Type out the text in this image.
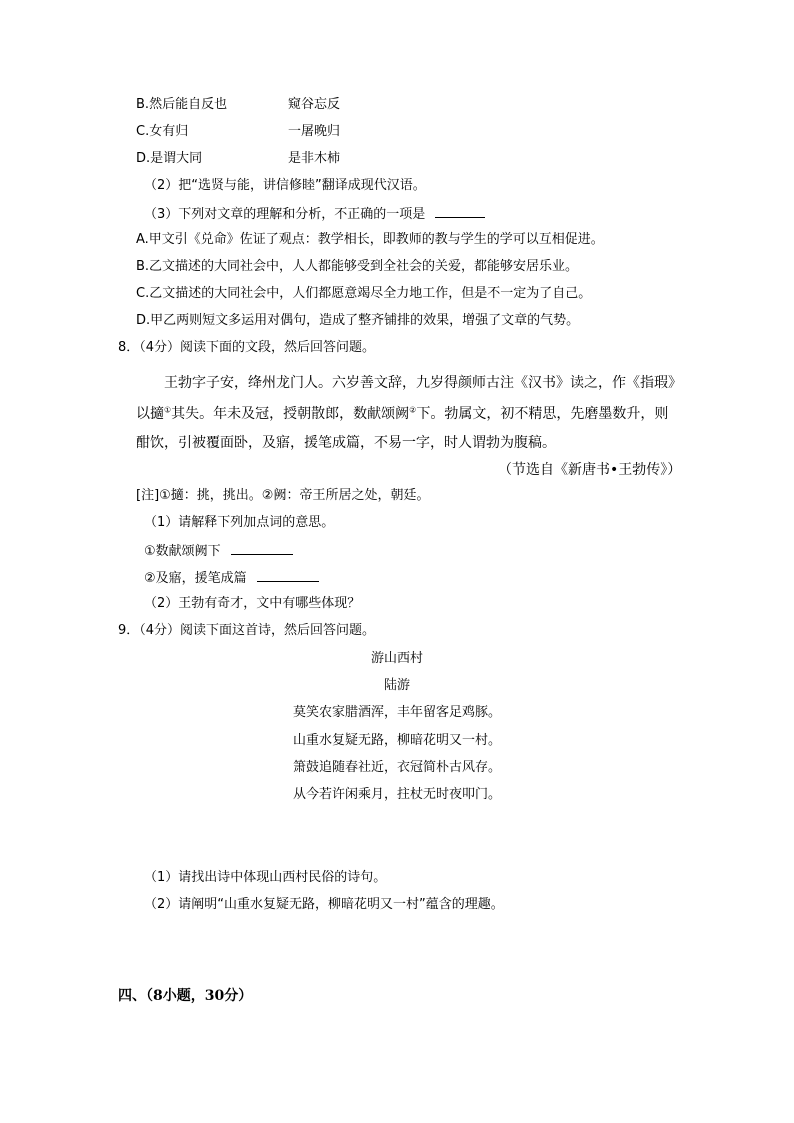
B.然后能自反也	窥谷忘反
C.女有归	一屠晚归
D.是谓大同	是非木柿
（2）把“选贤与能，讲信修睦”翻译成现代汉语。
（3）下列对文章的理解和分析，不正确的一项是
A.甲文引《兑命》佐证了观点：教学相长，即教师的教与学生的学可以互相促进。
B.乙文描述的大同社会中，人人都能够受到全社会的关爱，都能够安居乐业。
C.乙文描述的大同社会中，人们都愿意竭尽全力地工作，但是不一定为了自己。
D.甲乙两则短文多运用对偶句，造成了整齐铺排的效果，增强了文章的气势。
8．（4分）阅读下面的文段，然后回答问题。
王勃字子安，绛州龙门人。六岁善文辞，九岁得颜师古注《汉书》读之，作《指瑕》
以擿①其失。年未及冠，授朝散郎，数献颂阙②下。勃属文，初不精思，先磨墨数升，则
酣饮，引被覆面卧，及寤，援笔成篇，不易一字，时人谓勃为腹稿。
（节选自《新唐书•王勃传》）
[注]①擿：挑，挑出。②阙：帝王所居之处，朝廷。
（1）请解释下列加点词的意思。
①数献颂阙下
②及寤，援笔成篇
（2）王勃有奇才，文中有哪些体现？
9．（4分）阅读下面这首诗，然后回答问题。
游山西村
陆游
莫笑农家腊酒浑，丰年留客足鸡豚。
山重水复疑无路，柳暗花明又一村。
箫鼓追随春社近，衣冠简朴古风存。
从今若许闲乘月，拄杖无时夜叩门。
（1）请找出诗中体现山西村民俗的诗句。
（2）请阐明“山重水复疑无路，柳暗花明又一村”蕴含的理趣。
四、（8小题，30分）
